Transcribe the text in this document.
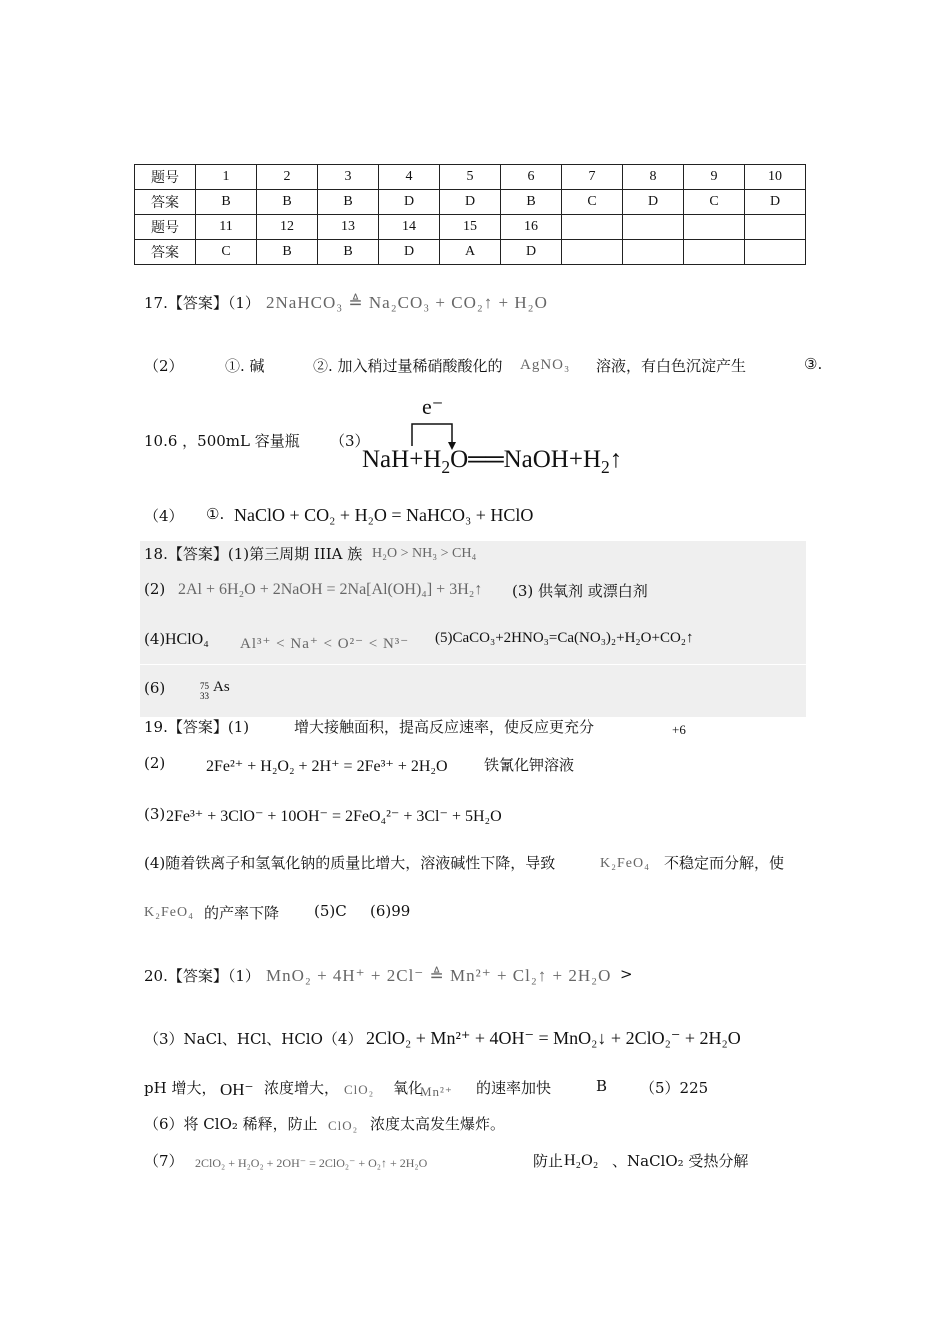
题号	1	2	3	4	5	6	7	8	9	10
答案	B	B	B	D	D	B	C	D	C	D
题号	11	12	13	14	15	16				
答案	C	B	B	D	A	D				
17.【答案】（1） 2NaHCO₃ ≜ Na₂CO₃ + CO₂↑ + H₂O
（2）	①. 碱	②. 加入稍过量稀硝酸酸化的 AgNO₃ 溶液，有白色沉淀产生	③.
10.6 ，500mL 容量瓶 （3）
e⁻
$NaH+H_2O══NaOH+H_2↑$
（4） ①. NaClO + CO₂ + H₂O = NaHCO₃ + HClO
18.【答案】(1)第三周期 IIIA 族 H₂O > NH₃ > CH₄
(2) 2Al + 6H₂O + 2NaOH = 2Na[Al(OH)₄] + 3H₂↑ (3) 供氧剂 或漂白剂
(4) HClO₄ Al³⁺ < Na⁺ < O²⁻ < N³⁻ (5)CaCO₃+2HNO₃=Ca(NO₃)₂+H₂O+CO₂↑
(6)	75
33
As
19.【答案】(1)	增大接触面积，提高反应速率，使反应更充分	+6
(2)	2Fe²⁺ + H₂O₂ + 2H⁺ = 2Fe³⁺ + 2H₂O 铁氰化钾溶液
(3) 2Fe³⁺ + 3ClO⁻ + 10OH⁻ = 2FeO₄²⁻ + 3Cl⁻ + 5H₂O
(4)随着铁离子和氢氧化钠的质量比增大，溶液碱性下降，导致	K₂FeO₄ 不稳定而分解，使
K₂FeO₄ 的产率下降 (5)C (6)99
20.【答案】（1） MnO₂ + 4H⁺ + 2Cl⁻ ≜ Mn²⁺ + Cl₂↑ + 2H₂O >
（3）NaCl、HCl、HClO（4） 2ClO₂ + Mn²⁺ + 4OH⁻ = MnO₂↓ + 2ClO₂⁻ + 2H₂O
pH 增大， OH⁻ 浓度增大， ClO₂ 氧化
Mn²⁺ 的速率加快	B （5）225
（6）将 ClO₂ 稀释，防止 ClO₂ 浓度太高发生爆炸。
（7） 2ClO₂ + H₂O₂ + 2OH⁻ = 2ClO₂⁻ + O₂↑ + 2H₂O	防止 H₂O₂ 、NaClO₂ 受热分解
